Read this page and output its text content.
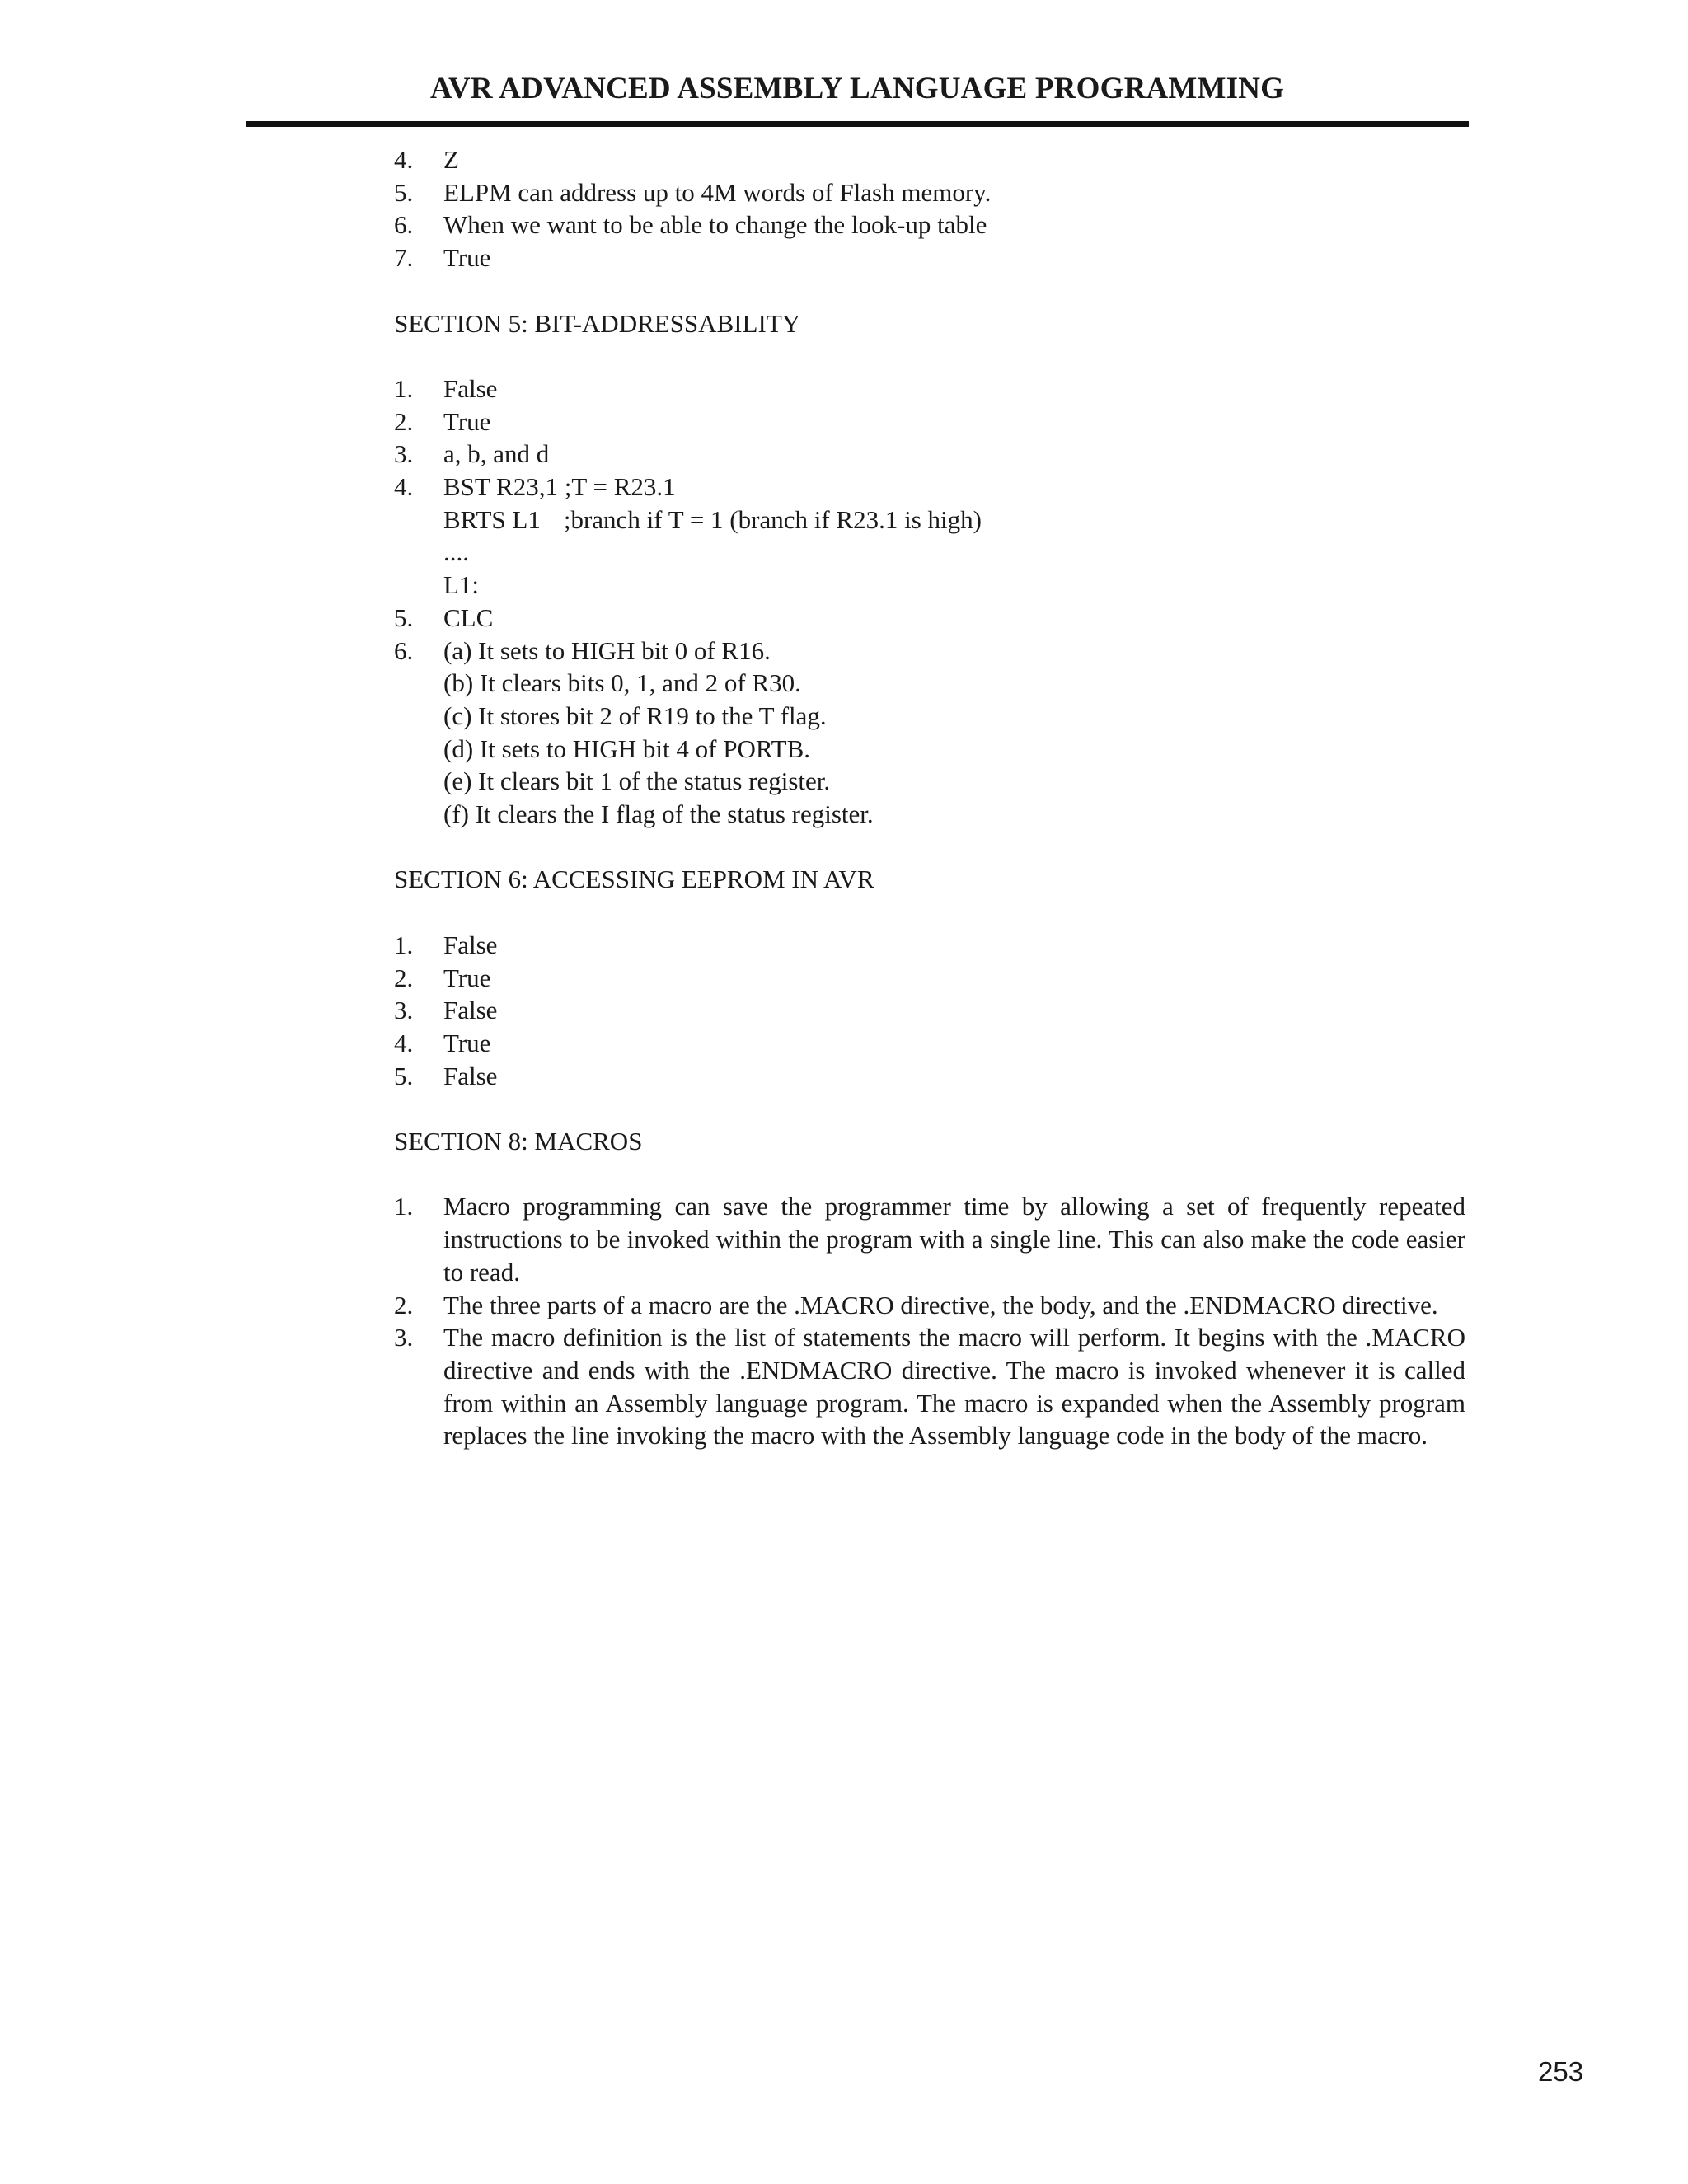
AVR ADVANCED ASSEMBLY LANGUAGE PROGRAMMING
4.	Z
5.	ELPM can address up to 4M words of Flash memory.
6.	When we want to be able to change the look-up table
7.	True
SECTION 5: BIT-ADDRESSABILITY
1.	False
2.	True
3.	a, b, and d
4.	BST R23,1 ;T = R23.1
BRTS L1 ;branch if T = 1 (branch if R23.1 is high)
....
L1:
5.	CLC
6.	(a) It sets to HIGH bit 0 of R16.
(b) It clears bits 0, 1, and 2 of R30.
(c) It stores bit 2 of R19 to the T flag.
(d) It sets to HIGH bit 4 of PORTB.
(e) It clears bit 1 of the status register.
(f) It clears the I flag of the status register.
SECTION 6: ACCESSING EEPROM IN AVR
1.	False
2.	True
3.	False
4.	True
5.	False
SECTION 8: MACROS
1.	Macro programming can save the programmer time by allowing a set of frequently repeated instructions to be invoked within the program with a single line. This can also make the code easier to read.
2.	The three parts of a macro are the .MACRO directive, the body, and the .ENDMACRO directive.
3.	The macro definition is the list of statements the macro will perform. It begins with the .MACRO directive and ends with the .ENDMACRO directive. The macro is invoked whenever it is called from within an Assembly language program. The macro is expanded when the Assembly program replaces the line invoking the macro with the Assembly language code in the body of the macro.
253
